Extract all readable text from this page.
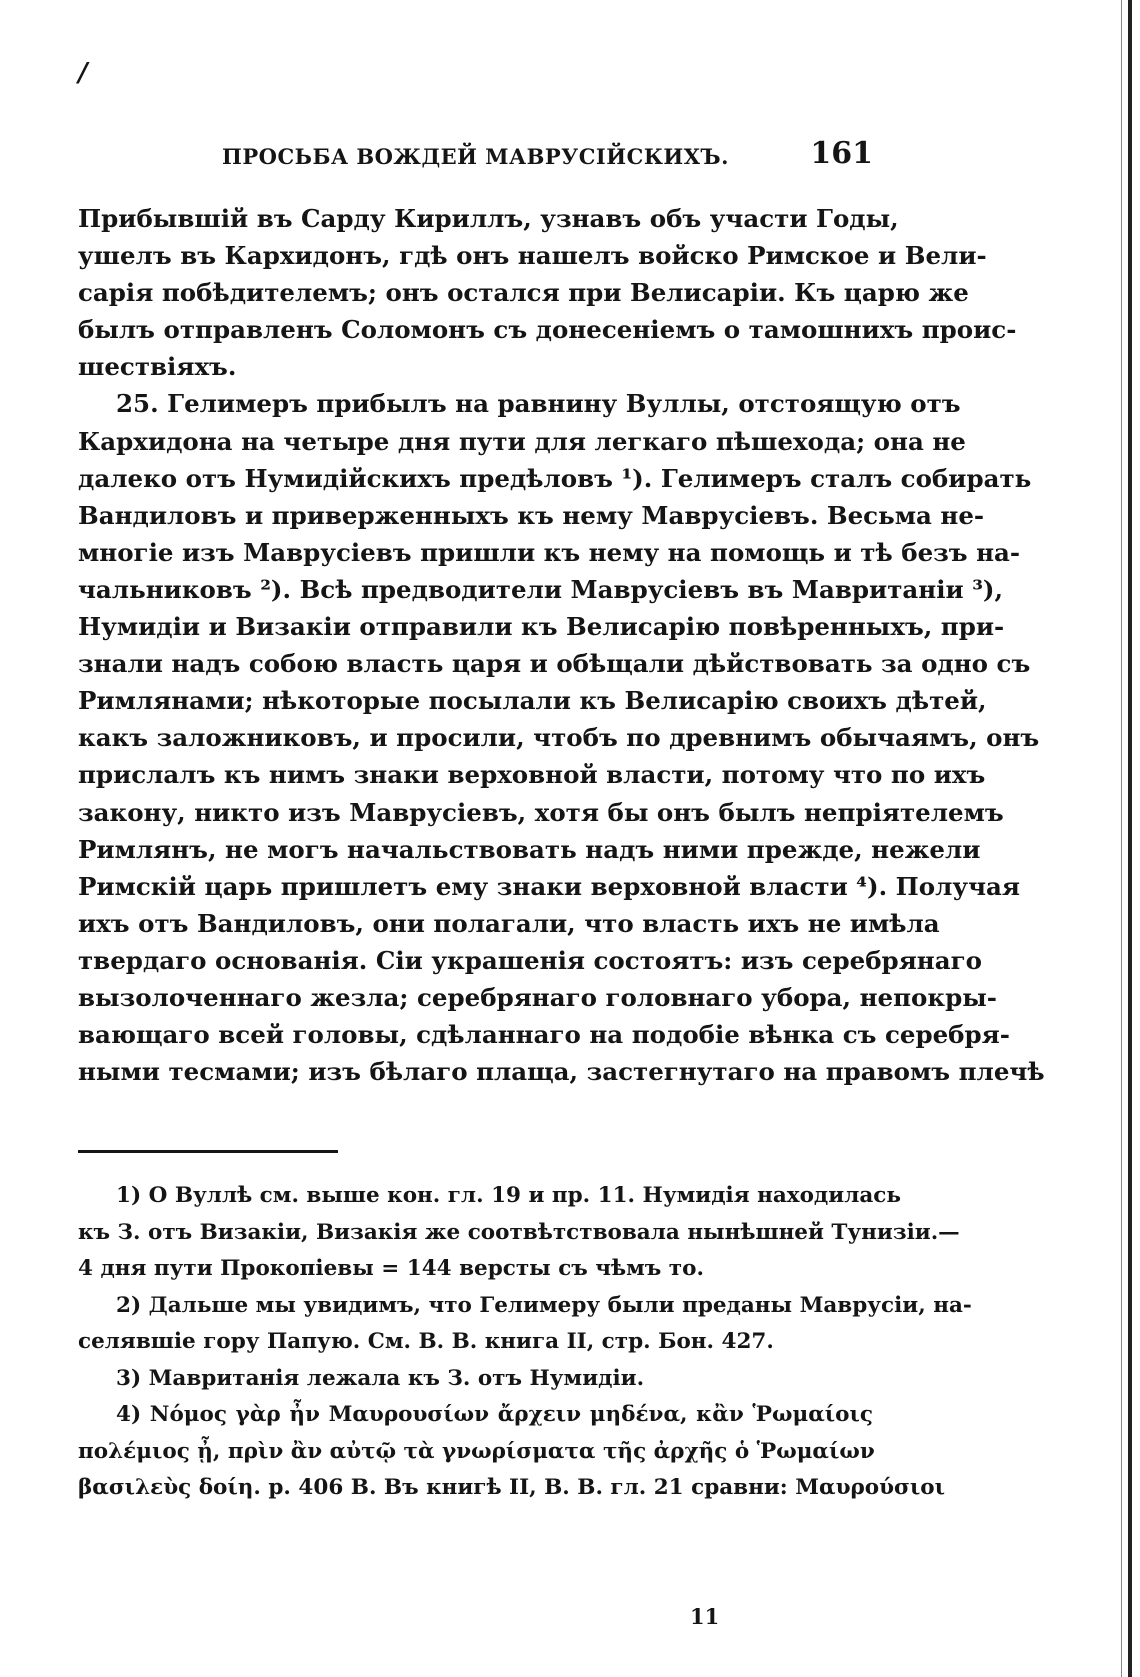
/
ПРОСЬБА ВОЖДЕЙ МАВРУСІЙСКИХЪ.	161
Прибывшій въ Сарду Кириллъ, узнавъ объ участи Годы,
ушелъ въ Кархидонъ, гдѣ онъ нашелъ войско Римское и Вели-
сарія побѣдителемъ; онъ остался при Велисаріи. Къ царю же
былъ отправленъ Соломонъ съ донесеніемъ о тамошнихъ проис-
шествіяхъ.
25. Гелимеръ прибылъ на равнину Вуллы, отстоящую отъ
Кархидона на четыре дня пути для легкаго пѣшехода; она не
далеко отъ Нумидійскихъ предѣловъ ¹). Гелимеръ сталъ собирать
Вандиловъ и приверженныхъ къ нему Маврусіевъ. Весьма не-
многіе изъ Маврусіевъ пришли къ нему на помощь и тѣ безъ на-
чальниковъ ²). Всѣ предводители Маврусіевъ въ Мавританіи ³),
Нумидіи и Визакіи отправили къ Велисарію повѣренныхъ, при-
знали надъ собою власть царя и обѣщали дѣйствовать за одно съ
Римлянами; нѣкоторые посылали къ Велисарію своихъ дѣтей,
какъ заложниковъ, и просили, чтобъ по древнимъ обычаямъ, онъ
прислалъ къ нимъ знаки верховной власти, потому что по ихъ
закону, никто изъ Маврусіевъ, хотя бы онъ былъ непріятелемъ
Римлянъ, не могъ начальствовать надъ ними прежде, нежели
Римскій царь пришлетъ ему знаки верховной власти ⁴). Получая
ихъ отъ Вандиловъ, они полагали, что власть ихъ не имѣла
твердаго основанія. Сіи украшенія состоятъ: изъ серебрянаго
вызолоченнаго жезла; серебрянаго головнаго убора, непокры-
вающаго всей головы, сдѣланнаго на подобіе вѣнка съ серебря-
ными тесмами; изъ бѣлаго плаща, застегнутаго на правомъ плечѣ
1) О Вуллѣ см. выше кон. гл. 19 и пр. 11. Нумидія находилась
къ З. отъ Визакіи, Визакія же соотвѣтствовала нынѣшней Тунизіи.—
4 дня пути Прокопіевы = 144 версты съ чѣмъ то.
2) Дальше мы увидимъ, что Гелимеру были преданы Маврусіи, на-
селявшіе гору Папую. См. В. В. книга II, стр. Бон. 427.
3) Мавританія лежала къ З. отъ Нумидіи.
4) Νόμος γὰρ ἦν Μαυρουσίων ἄρχειν μηδένα, κἂν Ῥωμαίοις
πολέμιος ᾖ, πρὶν ἂν αὐτῷ τὰ γνωρίσματα τῆς ἀρχῆς ὁ Ῥωμαίων
βασιλεὺς δοίη. p. 406 B. Въ книгѣ II, B. B. гл. 21 сравни: Μαυρούσιοι
11
